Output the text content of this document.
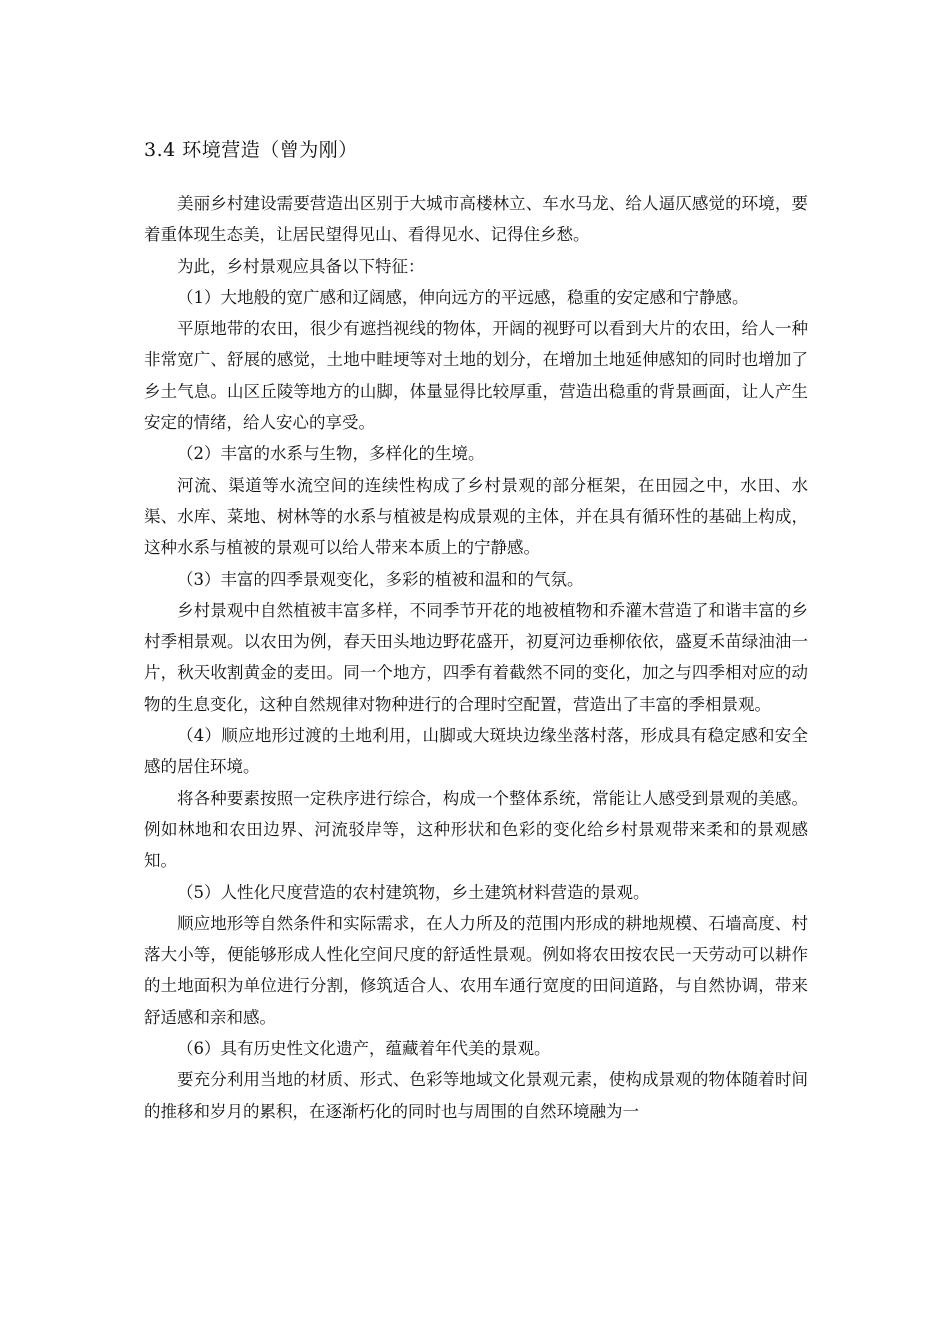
3.4 环境营造（曾为刚）

美丽乡村建设需要营造出区别于大城市高楼林立、车水马龙、给人逼仄感觉的环境，要着重体现生态美，让居民望得见山、看得见水、记得住乡愁。

为此，乡村景观应具备以下特征：

（1）大地般的宽广感和辽阔感，伸向远方的平远感，稳重的安定感和宁静感。

平原地带的农田，很少有遮挡视线的物体，开阔的视野可以看到大片的农田，给人一种非常宽广、舒展的感觉，土地中畦埂等对土地的划分，在增加土地延伸感知的同时也增加了乡土气息。山区丘陵等地方的山脚，体量显得比较厚重，营造出稳重的背景画面，让人产生安定的情绪，给人安心的享受。

（2）丰富的水系与生物，多样化的生境。

河流、渠道等水流空间的连续性构成了乡村景观的部分框架，在田园之中，水田、水渠、水库、菜地、树林等的水系与植被是构成景观的主体，并在具有循环性的基础上构成，这种水系与植被的景观可以给人带来本质上的宁静感。

（3）丰富的四季景观变化，多彩的植被和温和的气氛。

乡村景观中自然植被丰富多样，不同季节开花的地被植物和乔灌木营造了和谐丰富的乡村季相景观。以农田为例，春天田头地边野花盛开，初夏河边垂柳依依，盛夏禾苗绿油油一片，秋天收割黄金的麦田。同一个地方，四季有着截然不同的变化，加之与四季相对应的动物的生息变化，这种自然规律对物种进行的合理时空配置，营造出了丰富的季相景观。

（4）顺应地形过渡的土地利用，山脚或大斑块边缘坐落村落，形成具有稳定感和安全感的居住环境。

将各种要素按照一定秩序进行综合，构成一个整体系统，常能让人感受到景观的美感。例如林地和农田边界、河流驳岸等，这种形状和色彩的变化给乡村景观带来柔和的景观感知。

（5）人性化尺度营造的农村建筑物，乡土建筑材料营造的景观。

顺应地形等自然条件和实际需求，在人力所及的范围内形成的耕地规模、石墙高度、村落大小等，便能够形成人性化空间尺度的舒适性景观。例如将农田按农民一天劳动可以耕作的土地面积为单位进行分割，修筑适合人、农用车通行宽度的田间道路，与自然协调，带来舒适感和亲和感。

（6）具有历史性文化遗产，蕴藏着年代美的景观。

要充分利用当地的材质、形式、色彩等地域文化景观元素，使构成景观的物体随着时间的推移和岁月的累积，在逐渐朽化的同时也与周围的自然环境融为一
